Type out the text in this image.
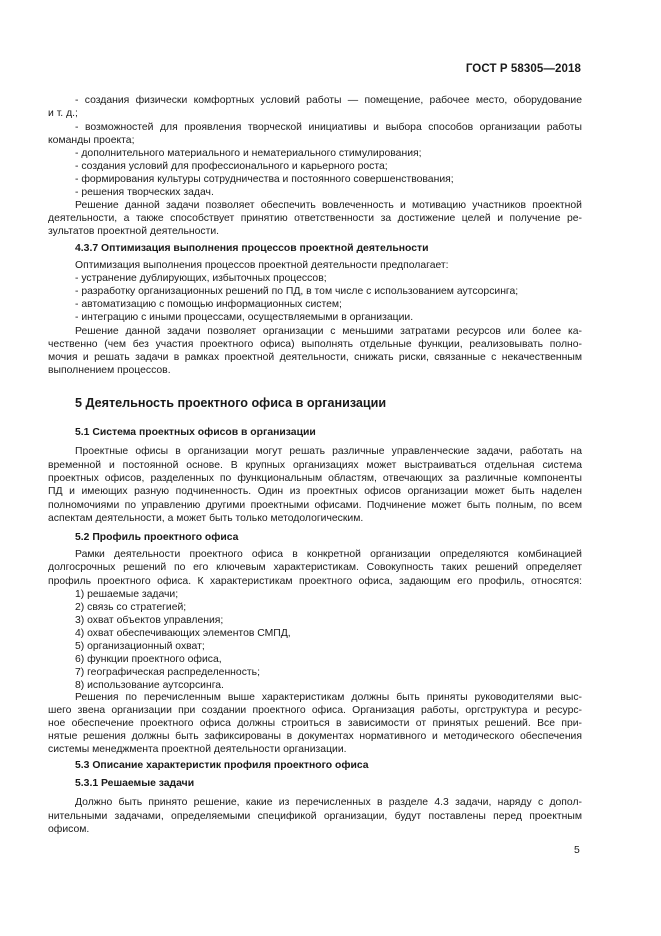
ГОСТ Р 58305—2018
- создания физически комфортных условий работы — помещение, рабочее место, оборудование
и т. д.;
- возможностей для проявления творческой инициативы и выбора способов организации работы
команды проекта;
- дополнительного материального и нематериального стимулирования;
- создания условий для профессионального и карьерного роста;
- формирования культуры сотрудничества и постоянного совершенствования;
- решения творческих задач.
Решение данной задачи позволяет обеспечить вовлеченность и мотивацию участников проектной
деятельности, а также способствует принятию ответственности за достижение целей и получение ре-
зультатов проектной деятельности.
4.3.7 Оптимизация выполнения процессов проектной деятельности
Оптимизация выполнения процессов проектной деятельности предполагает:
- устранение дублирующих, избыточных процессов;
- разработку организационных решений по ПД, в том числе с использованием аутсорсинга;
- автоматизацию с помощью информационных систем;
- интеграцию с иными процессами, осуществляемыми в организации.
Решение данной задачи позволяет организации с меньшими затратами ресурсов или более ка-
чественно (чем без участия проектного офиса) выполнять отдельные функции, реализовывать полно-
мочия и решать задачи в рамках проектной деятельности, снижать риски, связанные с некачественным
выполнением процессов.
5 Деятельность проектного офиса в организации
5.1 Система проектных офисов в организации
Проектные офисы в организации могут решать различные управленческие задачи, работать на
временной и постоянной основе. В крупных организациях может выстраиваться отдельная система
проектных офисов, разделенных по функциональным областям, отвечающих за различные компоненты
ПД и имеющих разную подчиненность. Один из проектных офисов организации может быть наделен
полномочиями по управлению другими проектными офисами. Подчинение может быть полным, по всем
аспектам деятельности, а может быть только методологическим.
5.2 Профиль проектного офиса
Рамки деятельности проектного офиса в конкретной организации определяются комбинацией
долгосрочных решений по его ключевым характеристикам. Совокупность таких решений определяет
профиль проектного офиса. К характеристикам проектного офиса, задающим его профиль, относятся:
1) решаемые задачи;
2) связь со стратегией;
3) охват объектов управления;
4) охват обеспечивающих элементов СМПД,
5) организационный охват;
6) функции проектного офиса,
7) географическая распределенность;
8) использование аутсорсинга.
Решения по перечисленным выше характеристикам должны быть приняты руководителями выс-
шего звена организации при создании проектного офиса. Организация работы, оргструктура и ресурс-
ное обеспечение проектного офиса должны строиться в зависимости от принятых решений. Все при-
нятые решения должны быть зафиксированы в документах нормативного и методического обеспечения
системы менеджмента проектной деятельности организации.
5.3 Описание характеристик профиля проектного офиса
5.3.1 Решаемые задачи
Должно быть принято решение, какие из перечисленных в разделе 4.3 задачи, наряду с допол-
нительными задачами, определяемыми спецификой организации, будут поставлены перед проектным
офисом.
5
